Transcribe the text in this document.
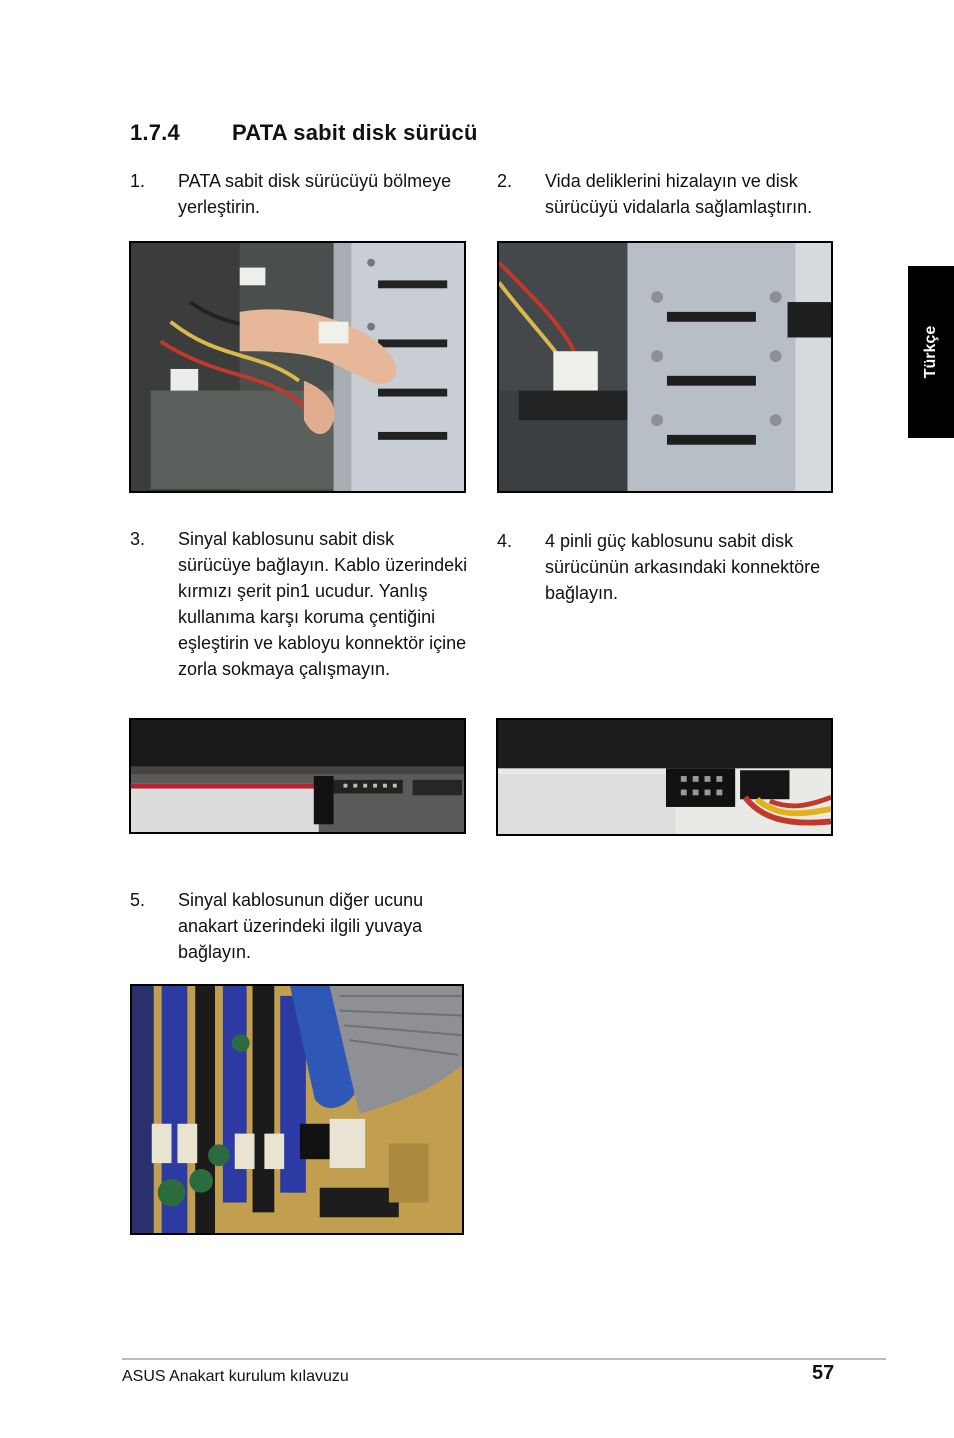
1.7.4 PATA sabit disk sürücü
1. PATA sabit disk sürücüyü bölmeye
yerleştirin.
2. Vida deliklerini hizalayın ve disk
sürücüyü vidalarla sağlamlaştırın.
3. Sinyal kablosunu sabit disk
sürücüye bağlayın. Kablo üzerindeki
kırmızı şerit pin1 ucudur. Yanlış
kullanıma karşı koruma çentiğini
eşleştirin ve kabloyu konnektör içine
zorla sokmaya çalışmayın.
4. 4 pinli güç kablosunu sabit disk
sürücünün arkasındaki konnektöre
bağlayın.
5. Sinyal kablosunun diğer ucunu
anakart üzerindeki ilgili yuvaya
bağlayın.
Türkçe
ASUS Anakart kurulum kılavuzu	57
